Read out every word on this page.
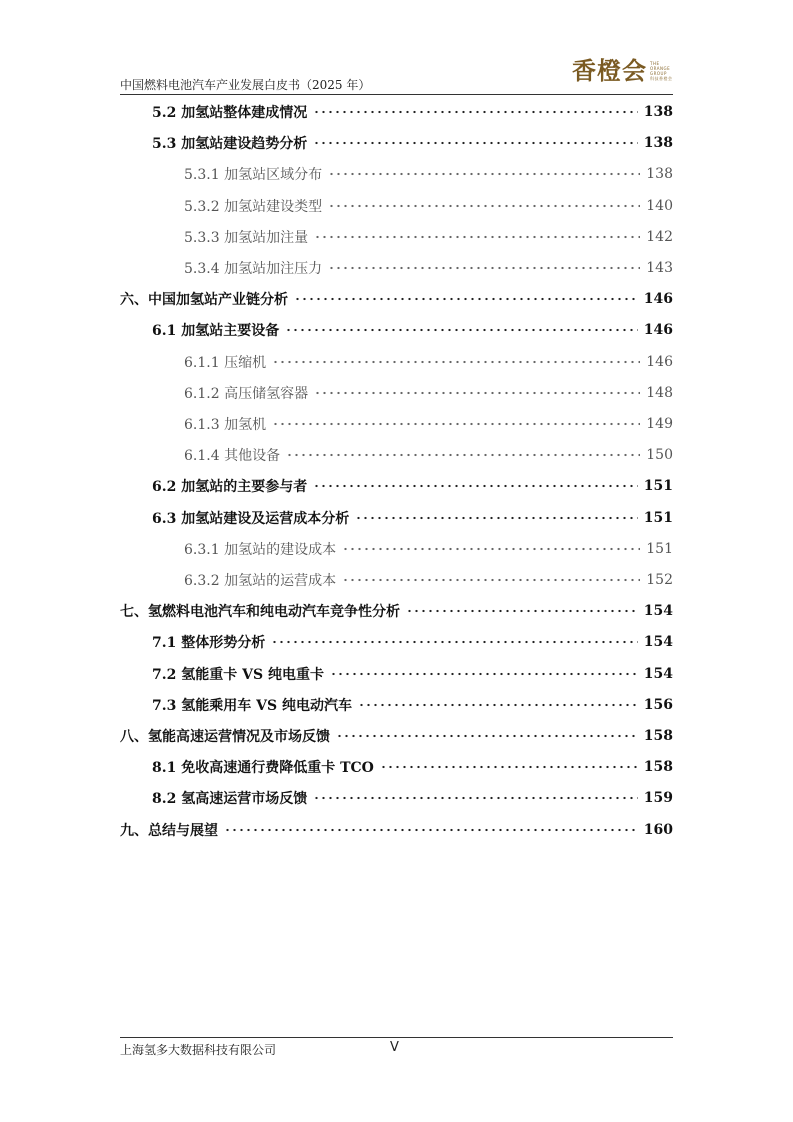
中国燃料电池汽车产业发展白皮书（2025 年）	香橙会 THE
ORANGE
GROUP
科技香橙会
5.2 加氢站整体建成情况	138
5.3 加氢站建设趋势分析	138
5.3.1 加氢站区域分布	138
5.3.2 加氢站建设类型	140
5.3.3 加氢站加注量	142
5.3.4 加氢站加注压力	143
六、中国加氢站产业链分析	146
6.1 加氢站主要设备	146
6.1.1 压缩机	146
6.1.2 高压储氢容器	148
6.1.3 加氢机	149
6.1.4 其他设备	150
6.2 加氢站的主要参与者	151
6.3 加氢站建设及运营成本分析	151
6.3.1 加氢站的建设成本	151
6.3.2 加氢站的运营成本	152
七、氢燃料电池汽车和纯电动汽车竞争性分析	154
7.1 整体形势分析	154
7.2 氢能重卡 VS 纯电重卡	154
7.3 氢能乘用车 VS 纯电动汽车	156
八、氢能高速运营情况及市场反馈	158
8.1 免收高速通行费降低重卡 TCO	158
8.2 氢高速运营市场反馈	159
九、总结与展望	160
上海氢多大数据科技有限公司	V
